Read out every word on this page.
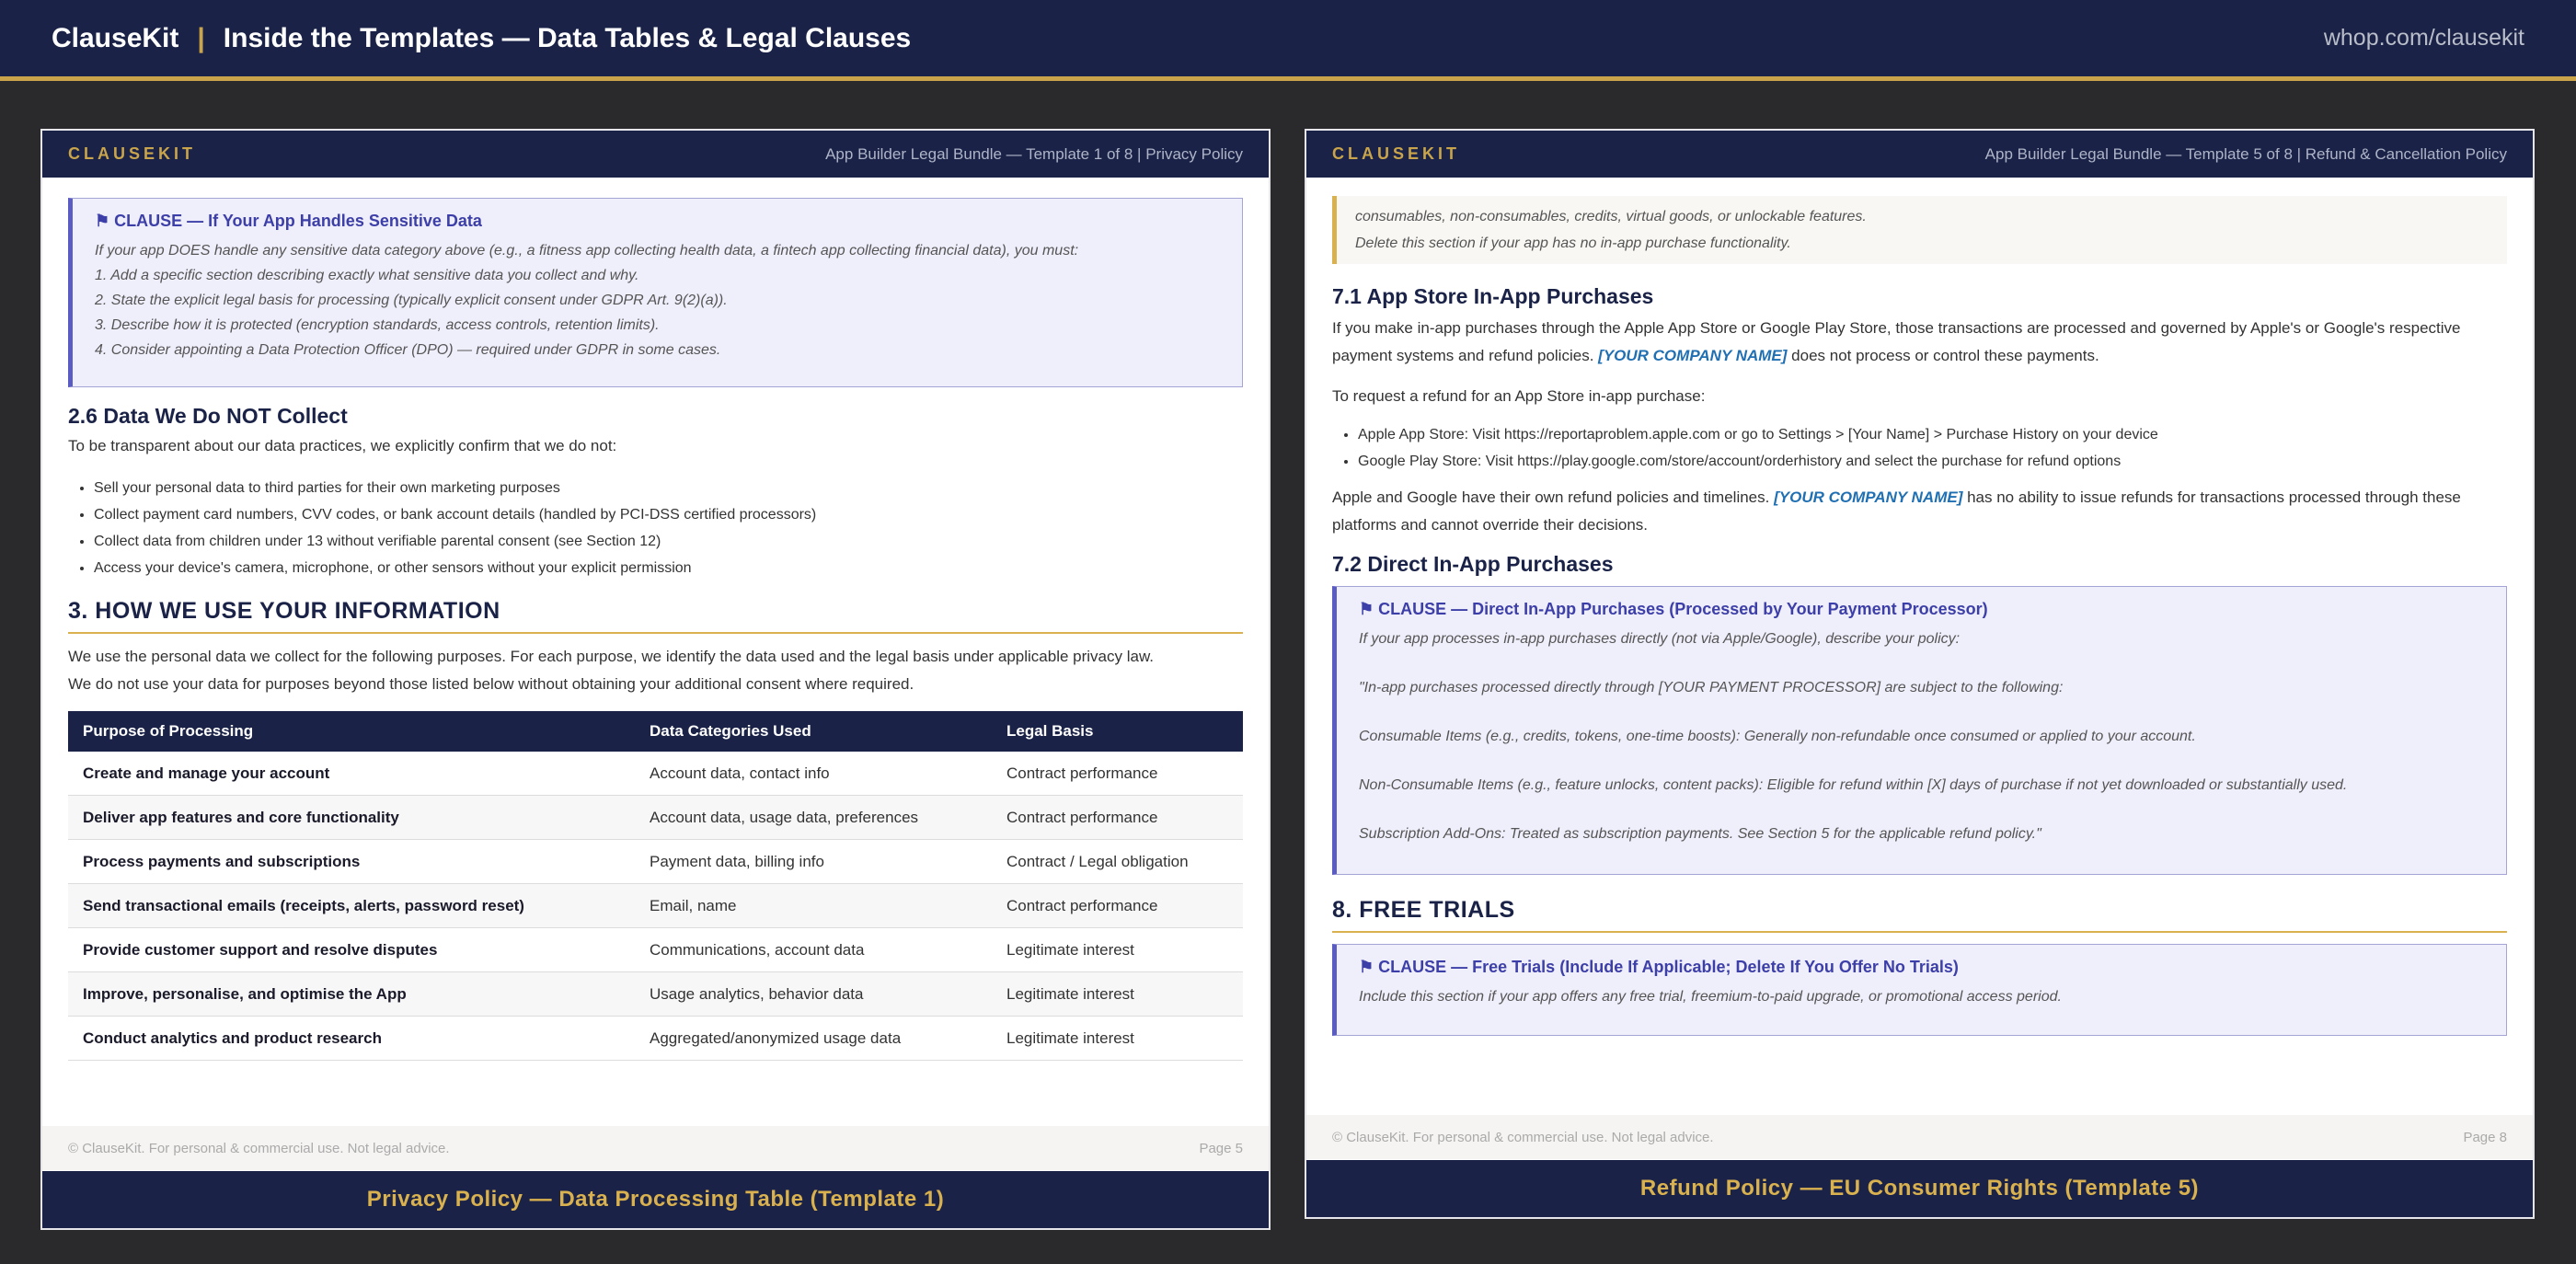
ClauseKit | Inside the Templates — Data Tables & Legal Clauses	whop.com/clausekit
CLAUSEKIT	App Builder Legal Bundle — Template 1 of 8 | Privacy Policy
⚑ CLAUSE — If Your App Handles Sensitive Data
If your app DOES handle any sensitive data category above (e.g., a fitness app collecting health data, a fintech app collecting financial data), you must:
1. Add a specific section describing exactly what sensitive data you collect and why.
2. State the explicit legal basis for processing (typically explicit consent under GDPR Art. 9(2)(a)).
3. Describe how it is protected (encryption standards, access controls, retention limits).
4. Consider appointing a Data Protection Officer (DPO) — required under GDPR in some cases.
2.6 Data We Do NOT Collect
To be transparent about our data practices, we explicitly confirm that we do not:
• Sell your personal data to third parties for their own marketing purposes
• Collect payment card numbers, CVV codes, or bank account details (handled by PCI-DSS certified processors)
• Collect data from children under 13 without verifiable parental consent (see Section 12)
• Access your device's camera, microphone, or other sensors without your explicit permission
3. HOW WE USE YOUR INFORMATION
We use the personal data we collect for the following purposes. For each purpose, we identify the data used and the legal basis under applicable privacy law.
We do not use your data for purposes beyond those listed below without obtaining your additional consent where required.
Purpose of Processing	Data Categories Used	Legal Basis
Create and manage your account	Account data, contact info	Contract performance
Deliver app features and core functionality	Account data, usage data, preferences	Contract performance
Process payments and subscriptions	Payment data, billing info	Contract / Legal obligation
Send transactional emails (receipts, alerts, password reset)	Email, name	Contract performance
Provide customer support and resolve disputes	Communications, account data	Legitimate interest
Improve, personalise, and optimise the App	Usage analytics, behavior data	Legitimate interest
Conduct analytics and product research	Aggregated/anonymized usage data	Legitimate interest
© ClauseKit. For personal & commercial use. Not legal advice.	Page 5
Privacy Policy — Data Processing Table (Template 1)
CLAUSEKIT	App Builder Legal Bundle — Template 5 of 8 | Refund & Cancellation Policy
consumables, non-consumables, credits, virtual goods, or unlockable features.
Delete this section if your app has no in-app purchase functionality.
7.1 App Store In-App Purchases
If you make in-app purchases through the Apple App Store or Google Play Store, those transactions are processed and governed by Apple's or Google's respective payment systems and refund policies. [YOUR COMPANY NAME] does not process or control these payments.
To request a refund for an App Store in-app purchase:
• Apple App Store: Visit https://reportaproblem.apple.com or go to Settings > [Your Name] > Purchase History on your device
• Google Play Store: Visit https://play.google.com/store/account/orderhistory and select the purchase for refund options
Apple and Google have their own refund policies and timelines. [YOUR COMPANY NAME] has no ability to issue refunds for transactions processed through these platforms and cannot override their decisions.
7.2 Direct In-App Purchases
⚑ CLAUSE — Direct In-App Purchases (Processed by Your Payment Processor)
If your app processes in-app purchases directly (not via Apple/Google), describe your policy:
"In-app purchases processed directly through [YOUR PAYMENT PROCESSOR] are subject to the following:
Consumable Items (e.g., credits, tokens, one-time boosts): Generally non-refundable once consumed or applied to your account.
Non-Consumable Items (e.g., feature unlocks, content packs): Eligible for refund within [X] days of purchase if not yet downloaded or substantially used.
Subscription Add-Ons: Treated as subscription payments. See Section 5 for the applicable refund policy."
8. FREE TRIALS
⚑ CLAUSE — Free Trials (Include If Applicable; Delete If You Offer No Trials)
Include this section if your app offers any free trial, freemium-to-paid upgrade, or promotional access period.
© ClauseKit. For personal & commercial use. Not legal advice.	Page 8
Refund Policy — EU Consumer Rights (Template 5)
